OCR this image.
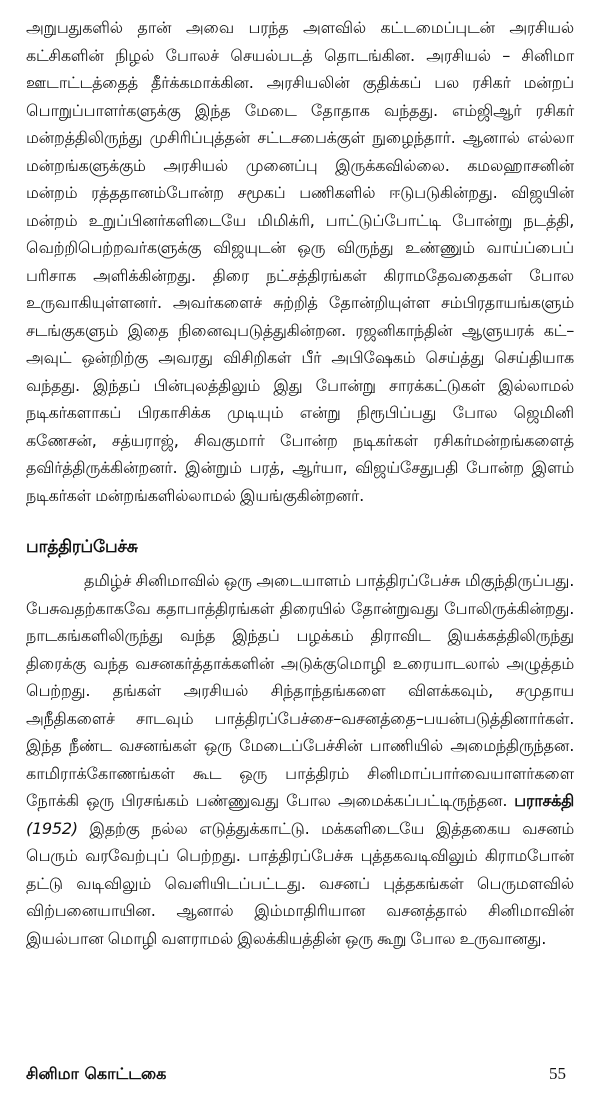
அறுபதுகளில் தான் அவை பரந்த அளவில் கட்டமைப்புடன் அரசியல் கட்சிகளின் நிழல் போலச் செயல்படத் தொடங்கின. அரசியல் – சினிமா ஊடாட்டத்தைத் தீர்க்கமாக்கின. அரசியலின் குதிக்கப் பல ரசிகர் மன்றப் பொறுப்பாளர்களுக்கு இந்த மேடை தோதாக வந்தது. எம்ஜிஆர் ரசிகர் மன்றத்திலிருந்து முசிரிப்புத்தன் சட்டசபைக்குள் நுழைந்தார். ஆனால் எல்லா மன்றங்களுக்கும் அரசியல் முனைப்பு இருக்கவில்லை. கமலஹாசனின் மன்றம் ரத்ததானம்போன்ற சமூகப் பணிகளில் ஈடுபடுகின்றது. விஜயின் மன்றம் உறுப்பினர்களிடையே மிமிக்ரி, பாட்டுப்போட்டி போன்று நடத்தி, வெற்றிபெற்றவர்களுக்கு விஜயுடன் ஒரு விருந்து உண்ணும் வாய்ப்பைப் பரிசாக அளிக்கின்றது. திரை நட்சத்திரங்கள் கிராமதேவதைகள் போல உருவாகியுள்ளனர். அவர்களைச் சுற்றித் தோன்றியுள்ள சம்பிரதாயங்களும் சடங்குகளும் இதை நினைவுபடுத்துகின்றன. ரஜனிகாந்தின் ஆளுயரக் கட்–அவுட் ஒன்றிற்கு அவரது விசிறிகள் பீர் அபிஷேகம் செய்த்து செய்தியாக வந்தது. இந்தப் பின்புலத்திலும் இது போன்று சாரக்கட்டுகள் இல்லாமல் நடிகர்களாகப் பிரகாசிக்க முடியும் என்று நிரூபிப்பது போல ஜெமினி கணேசன், சத்யராஜ், சிவகுமார் போன்ற நடிகர்கள் ரசிகர்மன்றங்களைத் தவிர்த்திருக்கின்றனர். இன்றும் பரத், ஆர்யா, விஜய்சேதுபதி போன்ற இளம் நடிகர்கள் மன்றங்களில்லாமல் இயங்குகின்றனர்.

பாத்திரப்பேச்சு

தமிழ்ச் சினிமாவில் ஒரு அடையாளம் பாத்திரப்பேச்சு மிகுந்திருப்பது. பேசுவதற்காகவே கதாபாத்திரங்கள் திரையில் தோன்றுவது போலிருக்கின்றது. நாடகங்களிலிருந்து வந்த இந்தப் பழக்கம் திராவிட இயக்கத்திலிருந்து திரைக்கு வந்த வசனகர்த்தாக்களின் அடுக்குமொழி உரையாடலால் அழுத்தம் பெற்றது. தங்கள் அரசியல் சிந்தாந்தங்களை விளக்கவும், சமுதாய அநீதிகளைச் சாடவும் பாத்திரப்பேச்சை–வசனத்தை–பயன்படுத்தினார்கள். இந்த நீண்ட வசனங்கள் ஒரு மேடைப்பேச்சின் பாணியில் அமைந்திருந்தன. காமிராக்கோணங்கள் கூட ஒரு பாத்திரம் சினிமாப்பார்வையாளர்களை நோக்கி ஒரு பிரசங்கம் பண்ணுவது போல அமைக்கப்பட்டிருந்தன. பராசக்தி (1952) இதற்கு நல்ல எடுத்துக்காட்டு. மக்களிடையே இத்தகைய வசனம் பெரும் வரவேற்புப் பெற்றது. பாத்திரப்பேச்சு புத்தகவடிவிலும் கிராமபோன் தட்டு வடிவிலும் வெளியிடப்பட்டது. வசனப் புத்தகங்கள் பெருமளவில் விற்பனையாயின. ஆனால் இம்மாதிரியான வசனத்தால் சினிமாவின் இயல்பான மொழி வளராமல் இலக்கியத்தின் ஒரு கூறு போல உருவானது.

சினிமா கொட்டகை	55
